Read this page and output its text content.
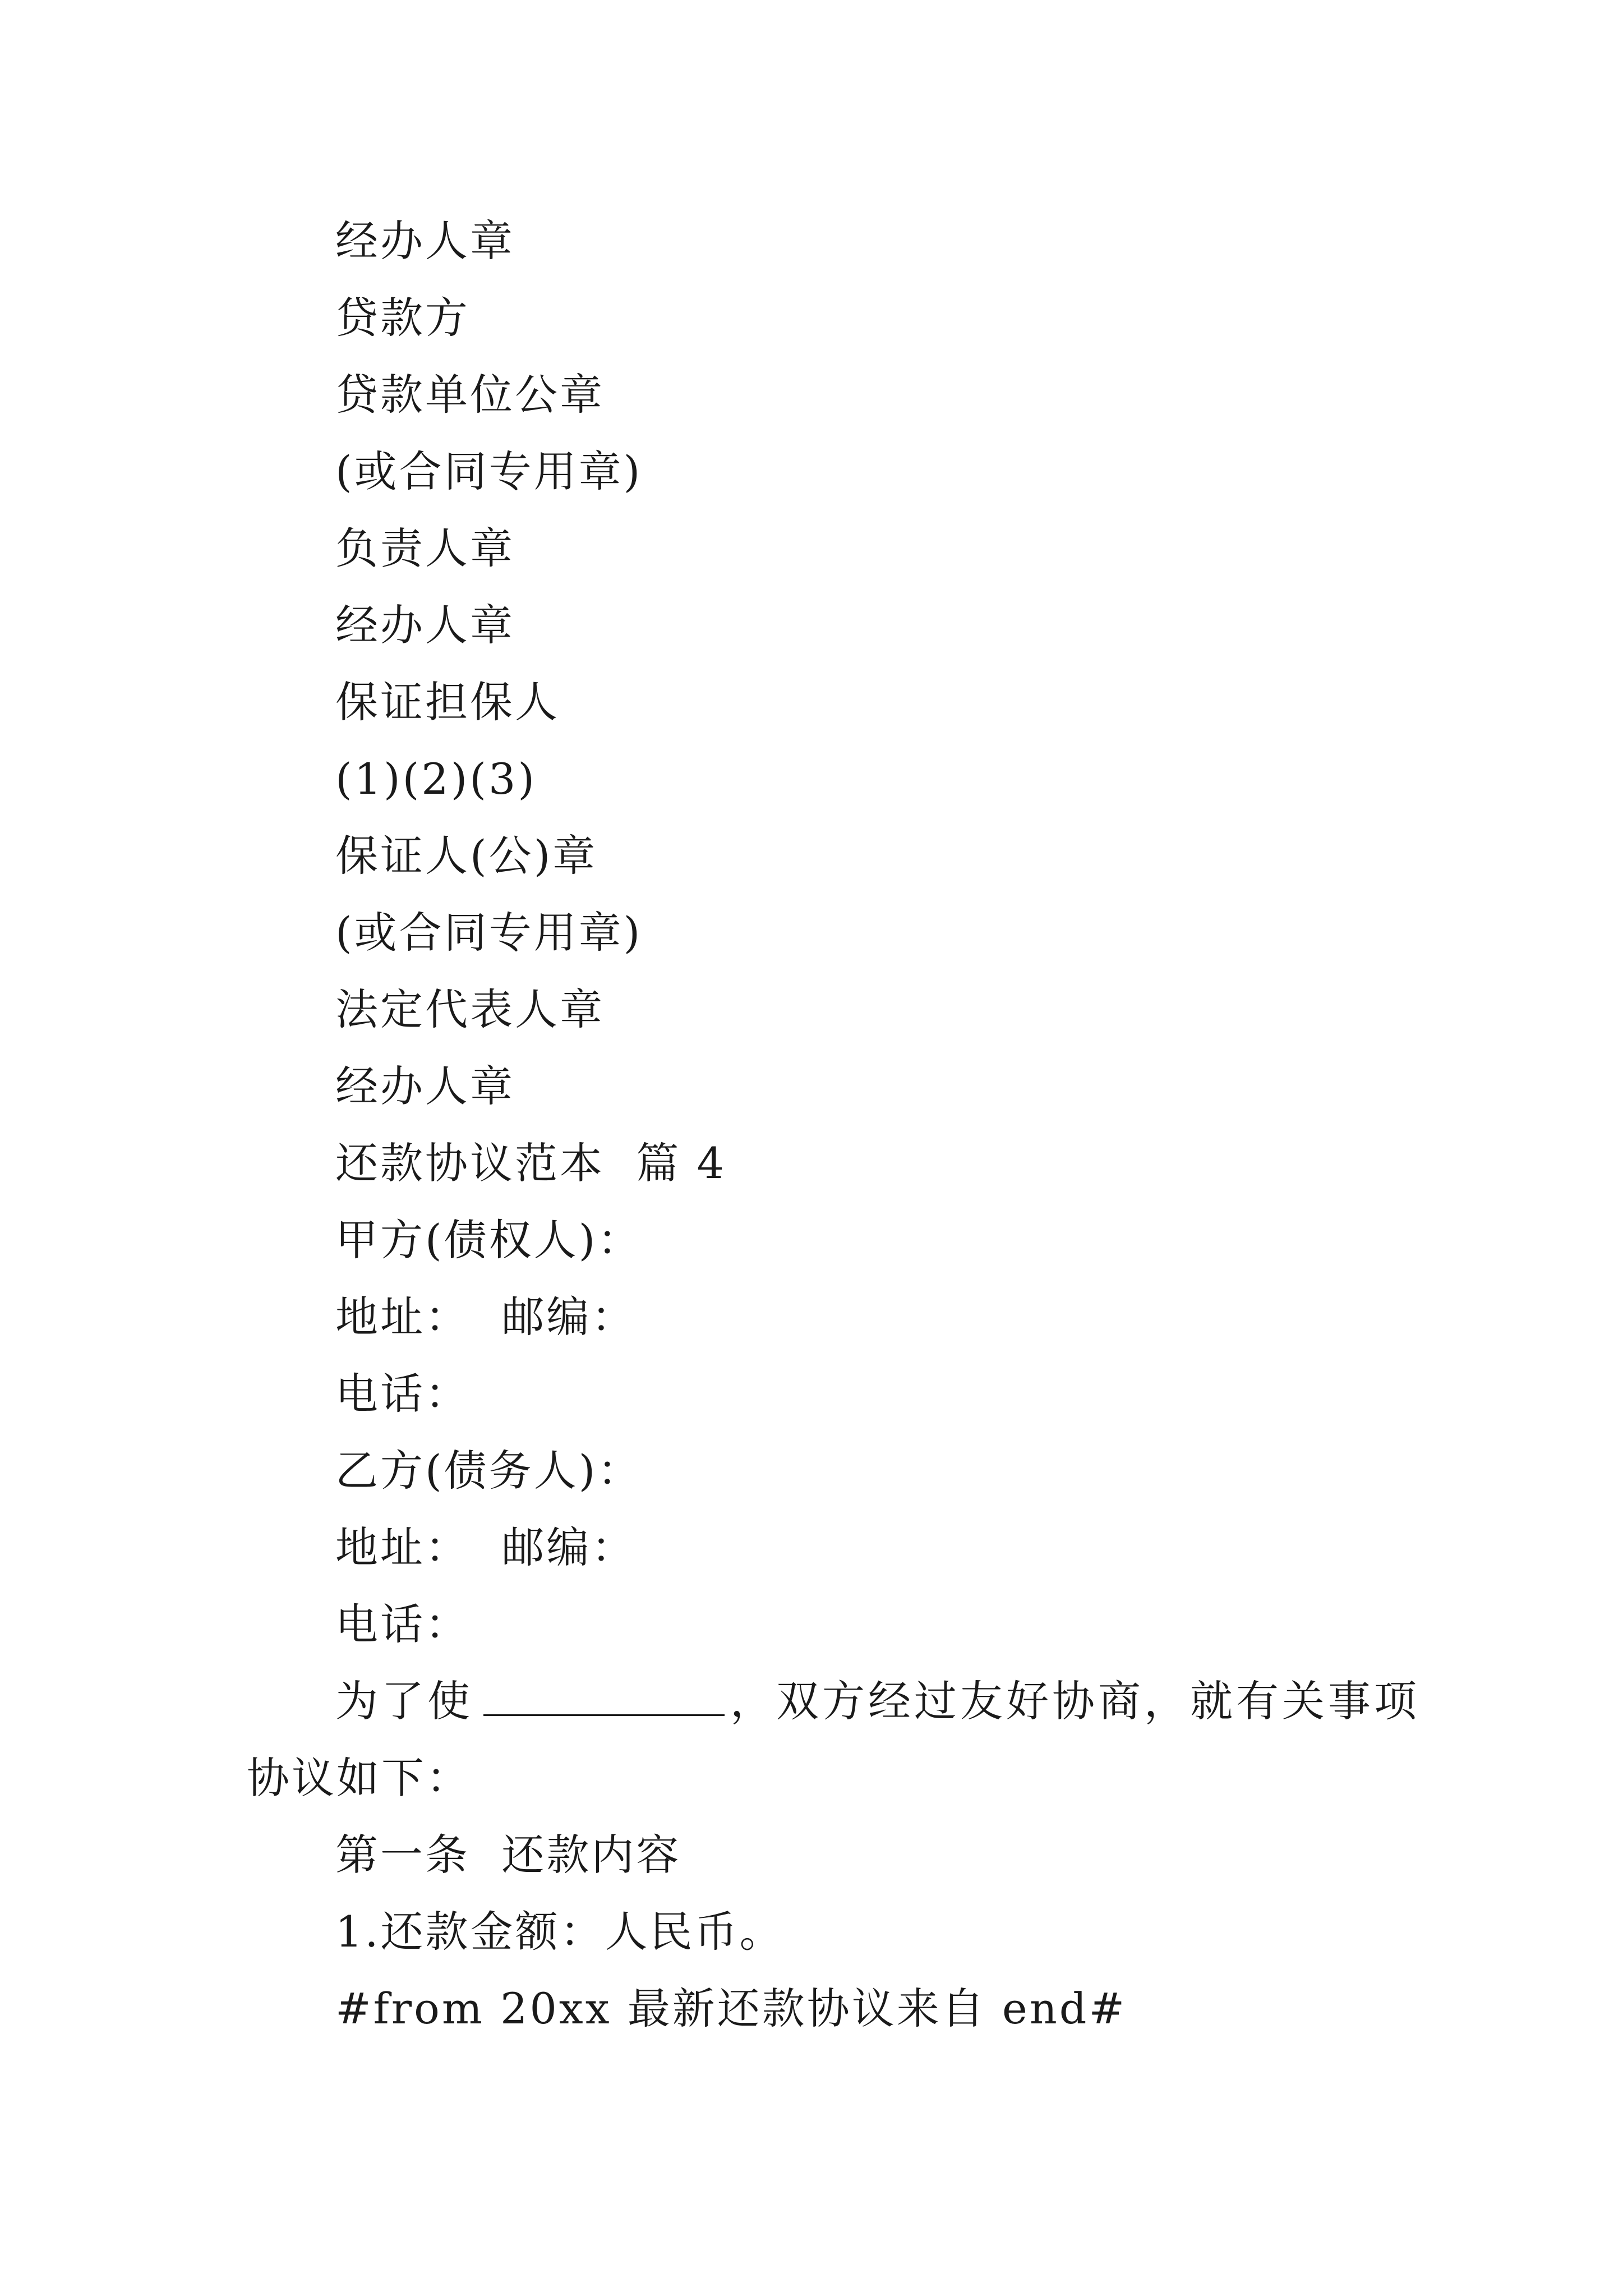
经办人章

贷款方

贷款单位公章

(或合同专用章)

负责人章

经办人章

保证担保人

(1)(2)(3)

保证人(公)章

(或合同专用章)

法定代表人章

经办人章

还款协议范本  篇 4

甲方(债权人)：

地址：  邮编：

电话：

乙方(债务人)：

地址：  邮编：

电话：

为了使	，双方经过友好协商，就有关事项

协议如下：

第一条  还款内容

1.还款金额：人民币。

#from 20xx 最新还款协议来自 end#
